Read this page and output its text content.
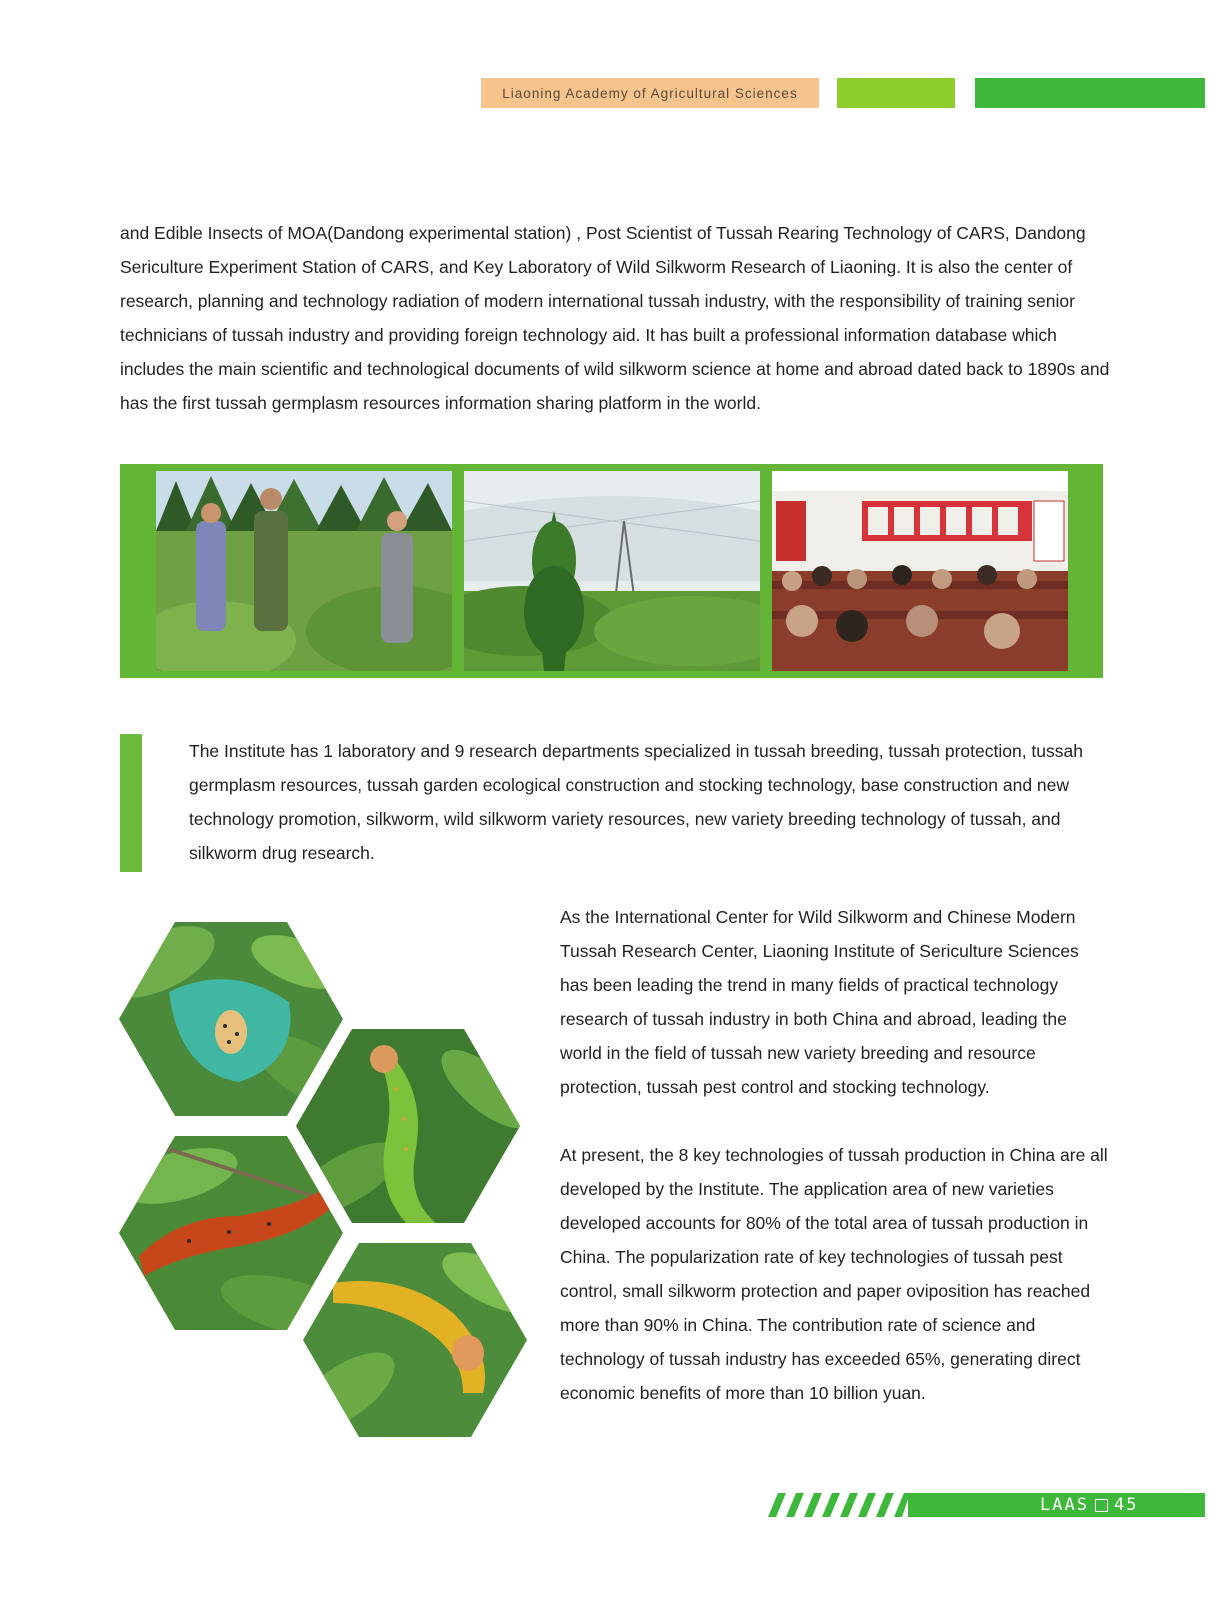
Liaoning Academy of Agricultural Sciences

and Edible Insects of MOA(Dandong experimental station) , Post Scientist of Tussah Rearing Technology of CARS, Dandong Sericulture Experiment Station of CARS, and Key Laboratory of Wild Silkworm Research of Liaoning. It is also the center of research, planning and technology radiation of modern international tussah industry, with the responsibility of training senior technicians of tussah industry and providing foreign technology aid. It has built a professional information database which includes the main scientific and technological documents of wild silkworm science at home and abroad dated back to 1890s and has the first tussah germplasm resources information sharing platform in the world.

The Institute has 1 laboratory and 9 research departments specialized in tussah breeding, tussah protection, tussah germplasm resources, tussah garden ecological construction and stocking technology, base construction and new technology promotion, silkworm, wild silkworm variety resources, new variety breeding technology of tussah, and silkworm drug research.

As the International Center for Wild Silkworm and Chinese Modern Tussah Research Center, Liaoning Institute of Sericulture Sciences has been leading the trend in many fields of practical technology research of tussah industry in both China and abroad, leading the world in the field of tussah new variety breeding and resource protection, tussah pest control and stocking technology.

At present, the 8 key technologies of tussah production in China are all developed by the Institute. The application area of new varieties developed accounts for 80% of the total area of tussah production in China. The popularization rate of key technologies of tussah pest control, small silkworm protection and paper oviposition has reached more than 90% in China. The contribution rate of science and technology of tussah industry has exceeded 65%, generating direct economic benefits of more than 10 billion yuan.

LAAS 45
